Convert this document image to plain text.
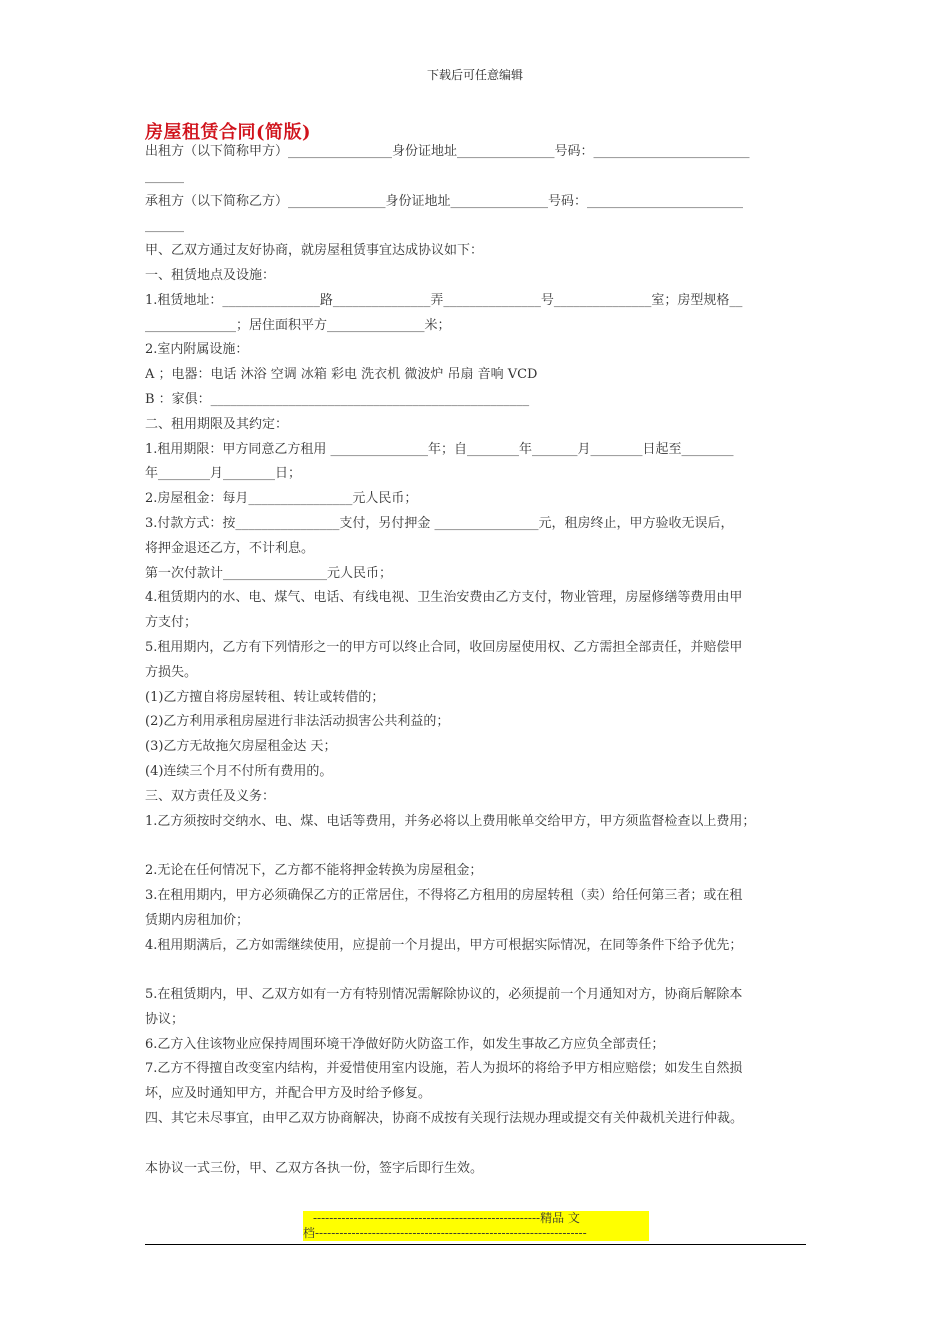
下载后可任意编辑
房屋租赁合同(简版)
出租方（以下简称甲方）________________身份证地址_______________号码：________________________
______
承租方（以下简称乙方）_______________身份证地址_______________号码：________________________
______
甲、乙双方通过友好协商，就房屋租赁事宜达成协议如下：
一、租赁地点及设施：
1.租赁地址：_______________路_______________弄_______________号_______________室；房型规格__
______________；居住面积平方_______________米；
2.室内附属设施：
A ；电器：电话 沐浴 空调 冰箱 彩电 洗衣机 微波炉 吊扇 音响 VCD
B ：家俱：_________________________________________________
二、租用期限及其约定：
1.租用期限：甲方同意乙方租用 _______________年；自________年_______月________日起至________
年________月________日；
2.房屋租金：每月________________元人民币；
3.付款方式：按________________支付，另付押金 ________________元，租房终止，甲方验收无误后，
将押金退还乙方，不计利息。
第一次付款计________________元人民币；
4.租赁期内的水、电、煤气、电话、有线电视、卫生治安费由乙方支付，物业管理，房屋修缮等费用由甲
方支付；
5.租用期内，乙方有下列情形之一的甲方可以终止合同，收回房屋使用权、乙方需担全部责任，并赔偿甲
方损失。
(1)乙方擅自将房屋转租、转让或转借的；
(2)乙方利用承租房屋进行非法活动损害公共利益的；
(3)乙方无故拖欠房屋租金达 天；
(4)连续三个月不付所有费用的。
三、双方责任及义务：
1.乙方须按时交纳水、电、煤、电话等费用，并务必将以上费用帐单交给甲方，甲方须监督检查以上费用；
2.无论在任何情况下，乙方都不能将押金转换为房屋租金；
3.在租用期内，甲方必须确保乙方的正常居住，不得将乙方租用的房屋转租（卖）给任何第三者；或在租
赁期内房租加价；
4.租用期满后，乙方如需继续使用，应提前一个月提出，甲方可根据实际情况，在同等条件下给予优先；
5.在租赁期内，甲、乙双方如有一方有特别情况需解除协议的，必须提前一个月通知对方，协商后解除本
协议；
6.乙方入住该物业应保持周围环境干净做好防火防盗工作，如发生事故乙方应负全部责任；
7.乙方不得擅自改变室内结构，并爱惜使用室内设施，若人为损坏的将给予甲方相应赔偿；如发生自然损
坏，应及时通知甲方，并配合甲方及时给予修复。
四、其它未尽事宜，由甲乙双方协商解决，协商不成按有关现行法规办理或提交有关仲裁机关进行仲裁。
本协议一式三份，甲、乙双方各执一份，签字后即行生效。
--------------------------------------------------------精品 文
档-------------------------------------------------------------------
